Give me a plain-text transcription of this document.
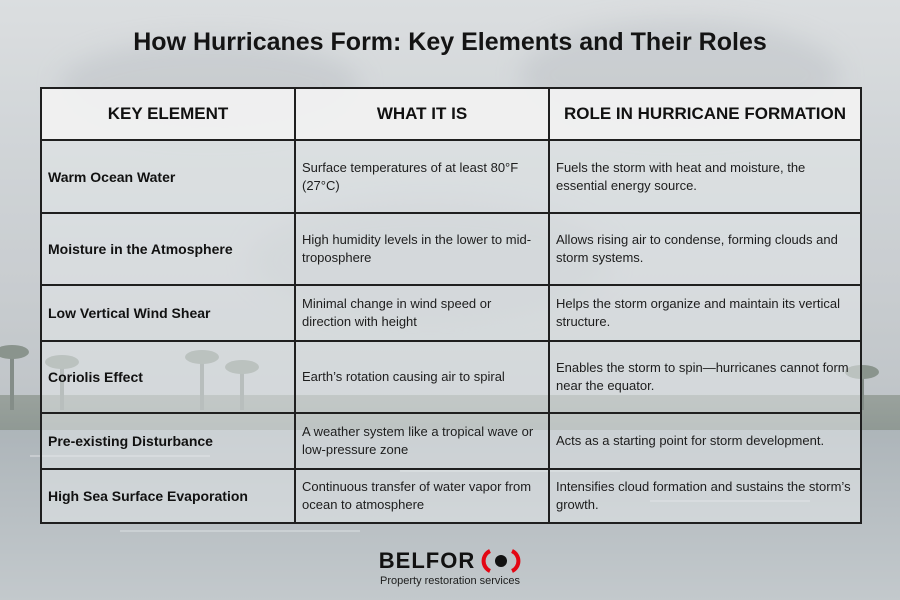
How Hurricanes Form: Key Elements and Their Roles
KEY ELEMENT	WHAT IT IS	ROLE IN HURRICANE FORMATION
Warm Ocean Water	Surface temperatures of at least 80°F (27°C)	Fuels the storm with heat and moisture, the essential energy source.
Moisture in the Atmosphere	High humidity levels in the lower to mid-troposphere	Allows rising air to condense, forming clouds and storm systems.
Low Vertical Wind Shear	Minimal change in wind speed or direction with height	Helps the storm organize and maintain its vertical structure.
Coriolis Effect	Earth’s rotation causing air to spiral	Enables the storm to spin—hurricanes cannot form near the equator.
Pre-existing Disturbance	A weather system like a tropical wave or low-pressure zone	Acts as a starting point for storm development.
High Sea Surface Evaporation	Continuous transfer of water vapor from ocean to atmosphere	Intensifies cloud formation and sustains the storm’s growth.
BELFOR
Property restoration services
